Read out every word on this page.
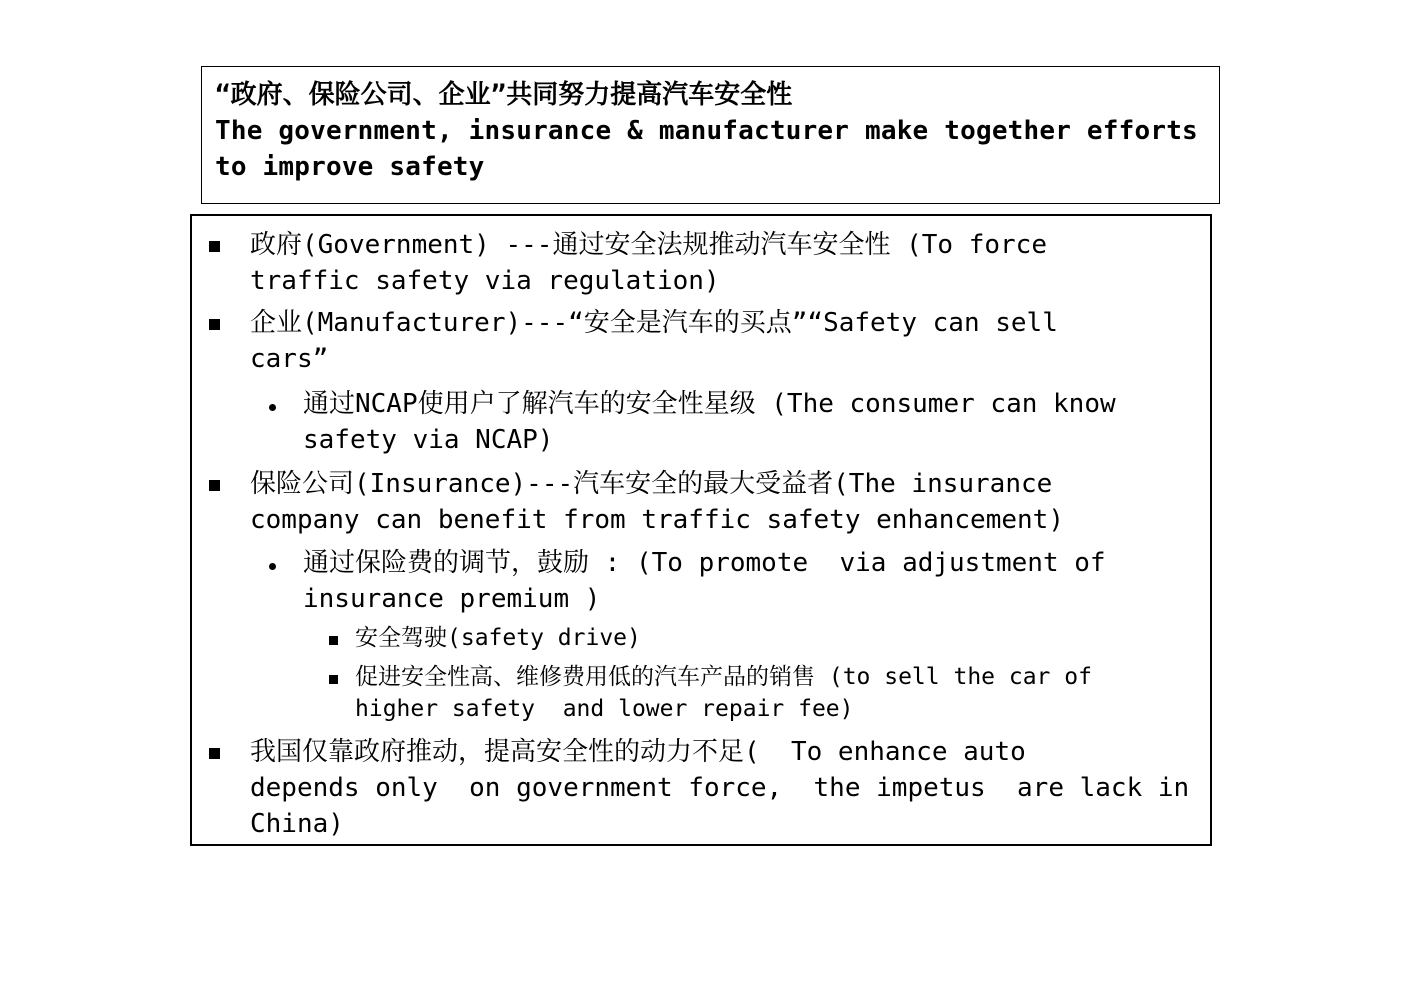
“政府、保险公司、企业”共同努力提高汽车安全性
The government, insurance & manufacturer make together efforts to improve safety
政府(Government) ---通过安全法规推动汽车安全性 (To force
traffic safety via regulation)
企业(Manufacturer)---“安全是汽车的买点”“Safety can sell
cars”
通过NCAP使用户了解汽车的安全性星级 (The consumer can know
safety via NCAP)
保险公司(Insurance)---汽车安全的最大受益者(The insurance
company can benefit from traffic safety enhancement)
通过保险费的调节，鼓励 : (To promote  via adjustment of
insurance premium )
安全驾驶(safety drive)
促进安全性高、维修费用低的汽车产品的销售 (to sell the car of
higher safety  and lower repair fee)
我国仅靠政府推动，提高安全性的动力不足(  To enhance auto
depends only  on government force,  the impetus  are lack in
China)
